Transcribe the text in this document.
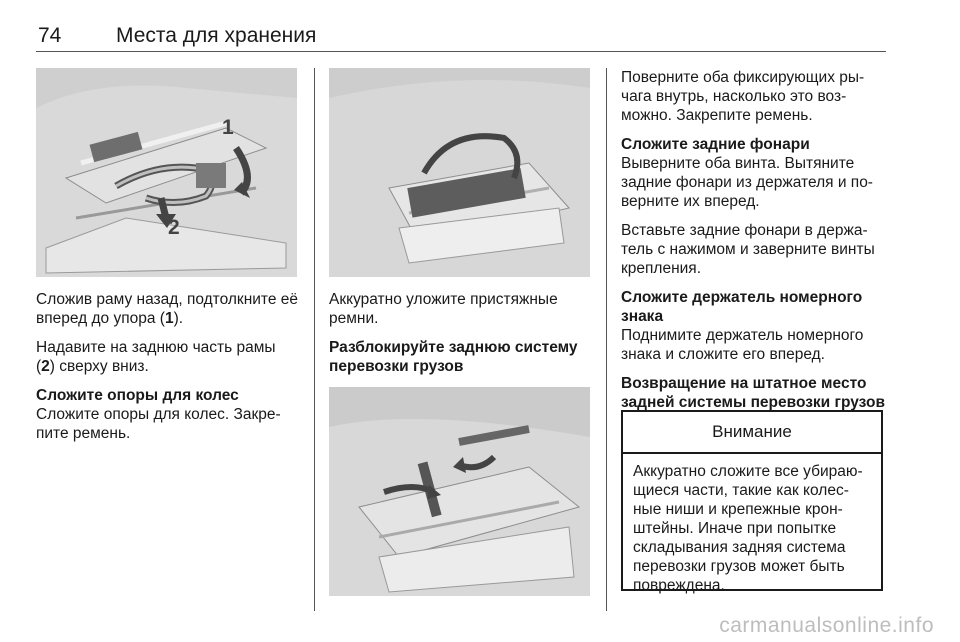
74	Места для хранения
1
2

Сложив раму назад, подтолкните её вперед до упора (1).

Надавите на заднюю часть рамы (2) сверху вниз.

Сложите опоры для колес

Сложите опоры для колес. Закре-пите ремень.

Аккуратно уложите пристяжные ремни.

Разблокируйте заднюю систему перевозки грузов

Поверните оба фиксирующих ры-чага внутрь, насколько это воз-можно. Закрепите ремень.

Сложите задние фонари

Выверните оба винта. Вытяните задние фонари из держателя и по-верните их вперед.

Вставьте задние фонари в держа-тель с нажимом и заверните винты крепления.

Сложите держатель номерного знака

Поднимите держатель номерного знака и сложите его вперед.

Возвращение на штатное место задней системы перевозки грузов
Внимание
Аккуратно сложите все убираю-щиеся части, такие как колес-ные ниши и крепежные крон-штейны. Иначе при попытке складывания задняя система перевозки грузов может быть повреждена.
carmanualsonline.info
